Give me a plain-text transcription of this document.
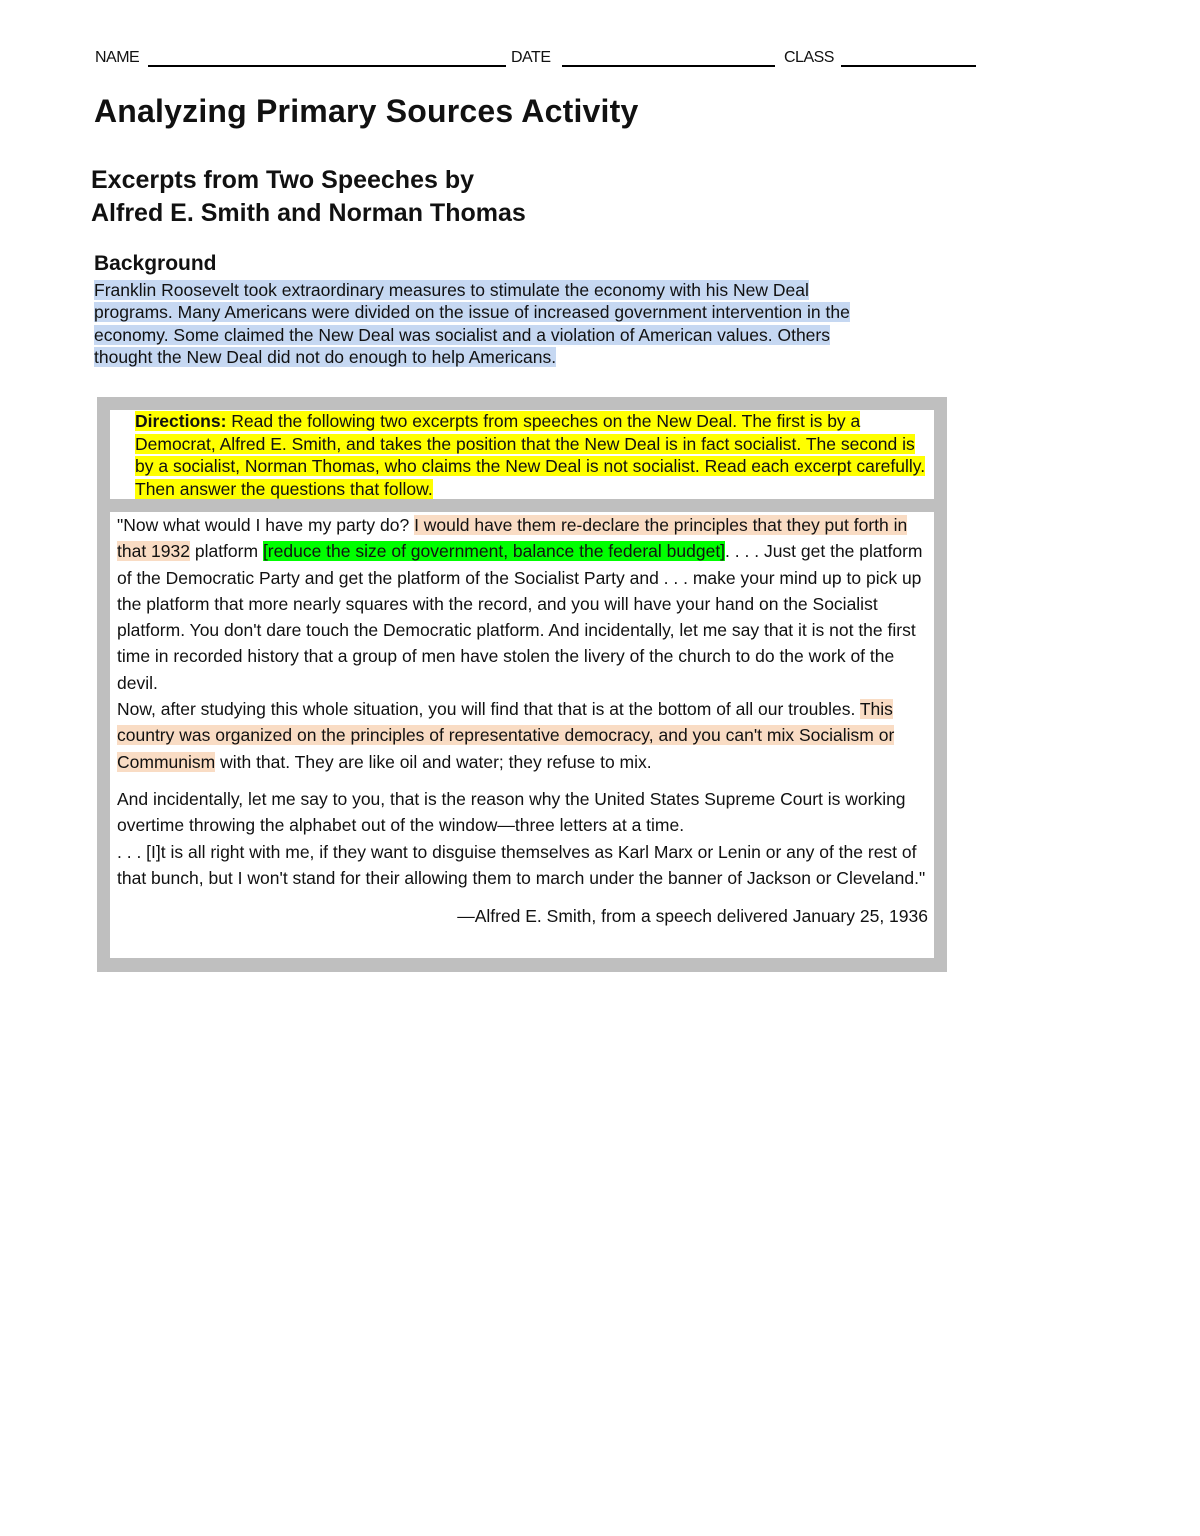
NAME	DATE	CLASS
Analyzing Primary Sources Activity
Excerpts from Two Speeches by
Alfred E. Smith and Norman Thomas
Background

Franklin Roosevelt took extraordinary measures to stimulate the economy with his New Deal programs. Many Americans were divided on the issue of increased government intervention in the economy. Some claimed the New Deal was socialist and a violation of American values. Others thought the New Deal did not do enough to help Americans.

Directions: Read the following two excerpts from speeches on the New Deal. The first is by a Democrat, Alfred E. Smith, and takes the position that the New Deal is in fact socialist. The second is by a socialist, Norman Thomas, who claims the New Deal is not socialist. Read each excerpt carefully. Then answer the questions that follow.

"Now what would I have my party do? I would have them re-declare the principles that they put forth in that 1932 platform [reduce the size of government, balance the federal budget]. . . . Just get the platform of the Democratic Party and get the platform of the Socialist Party and . . . make your mind up to pick up the platform that more nearly squares with the record, and you will have your hand on the Socialist platform. You don't dare touch the Democratic platform. And incidentally, let me say that it is not the first time in recorded history that a group of men have stolen the livery of the church to do the work of the devil.
Now, after studying this whole situation, you will find that that is at the bottom of all our troubles. This country was organized on the principles of representative democracy, and you can't mix Socialism or Communism with that. They are like oil and water; they refuse to mix.

And incidentally, let me say to you, that is the reason why the United States Supreme Court is working overtime throwing the alphabet out of the window—three letters at a time.
. . . [I]t is all right with me, if they want to disguise themselves as Karl Marx or Lenin or any of the rest of that bunch, but I won't stand for their allowing them to march under the banner of Jackson or Cleveland."

—Alfred E. Smith, from a speech delivered January 25, 1936
